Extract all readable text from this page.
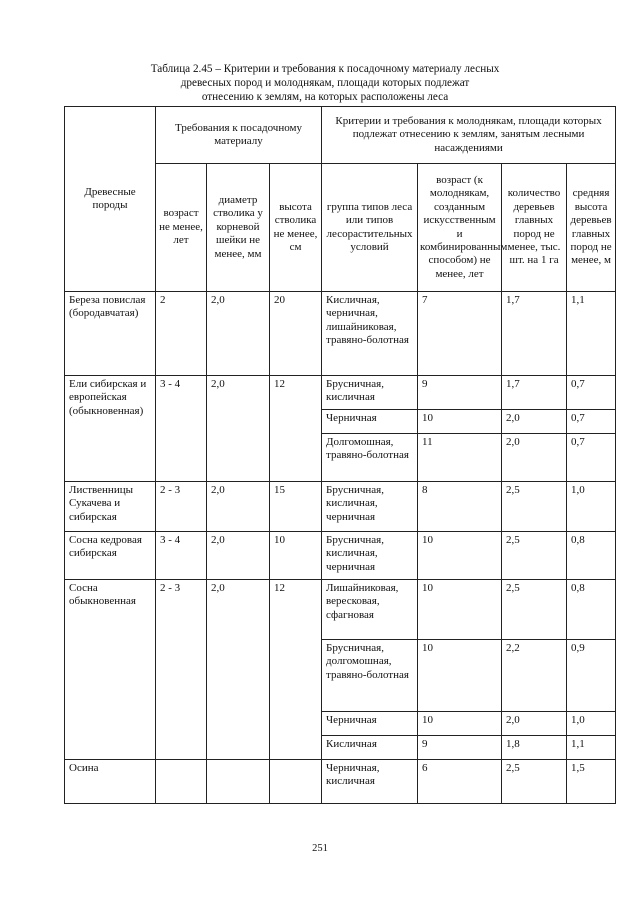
Таблица 2.45 – Критерии и требования к посадочному материалу лесных
древесных пород и молоднякам, площади которых подлежат
отнесению к землям, на которых расположены леса
Древесные породы	Требования к посадочному материалу			Критерии и требования к молоднякам, площади которых подлежат отнесению к землям, занятым лесными насаждениями			
	возраст не менее, лет	диаметр стволика у корневой шейки не менее, мм	высота стволика не менее, см	группа типов леса или типов лесорастительных условий	возраст (к молоднякам, созданным искусственным и комбинированным способом) не менее, лет	количество деревьев главных пород не менее, тыс. шт. на 1 га	средняя высота деревьев главных пород не менее, м
Береза повислая (бородавчатая)	2	2,0	20	Кисличная, черничная, лишайниковая, травяно-болотная	7	1,7	1,1
Ели сибирская и европейская (обыкновенная)	3 - 4	2,0	12	Брусничная, кисличная	9	1,7	0,7
				Черничная	10	2,0	0,7
				Долгомошная, травяно-болотная	11	2,0	0,7
Лиственницы Сукачева и сибирская	2 - 3	2,0	15	Брусничная, кисличная, черничная	8	2,5	1,0
Сосна кедровая сибирская	3 - 4	2,0	10	Брусничная, кисличная, черничная	10	2,5	0,8
Сосна обыкновенная	2 - 3	2,0	12	Лишайниковая, вересковая, сфагновая	10	2,5	0,8
				Брусничная, долгомошная, травяно-болотная	10	2,2	0,9
				Черничная	10	2,0	1,0
				Кисличная	9	1,8	1,1
Осина				Черничная, кисличная	6	2,5	1,5
251
